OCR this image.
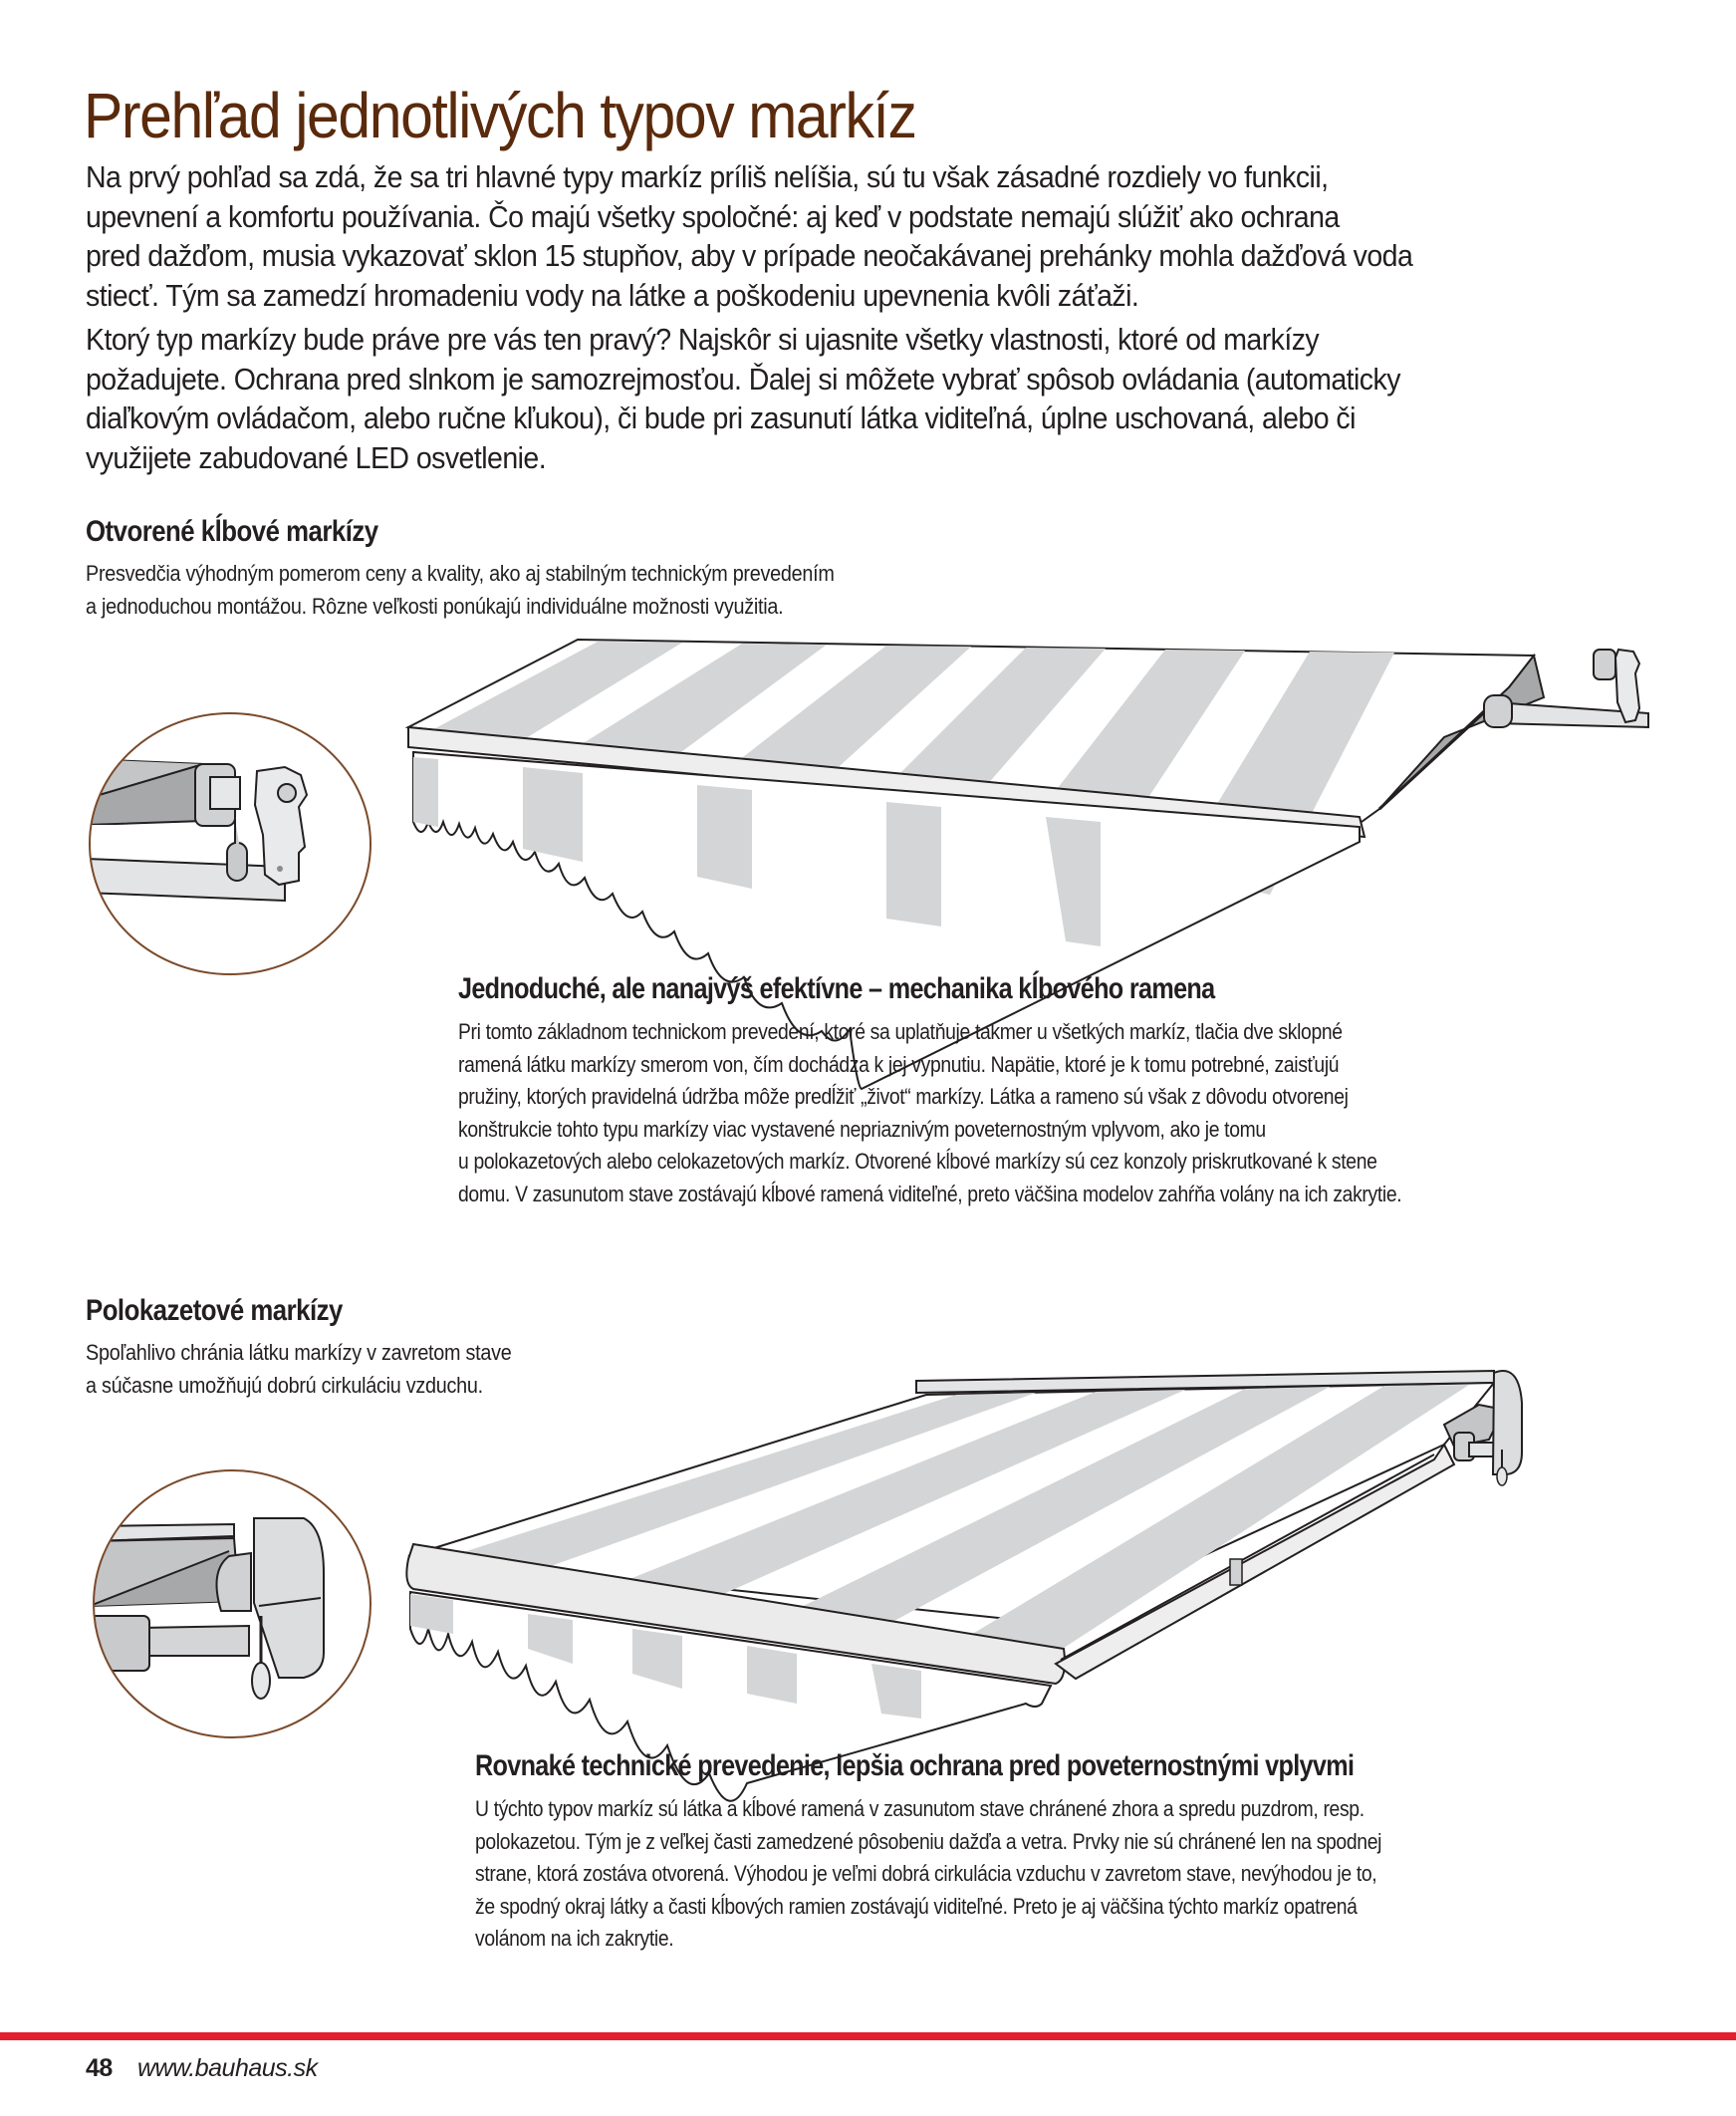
Prehľad jednotlivých typov markíz

Na prvý pohľad sa zdá, že sa tri hlavné typy markíz príliš nelíšia, sú tu však zásadné rozdiely vo funkcii,
upevnení a komfortu používania. Čo majú všetky spoločné: aj keď v podstate nemajú slúžiť ako ochrana
pred dažďom, musia vykazovať sklon 15 stupňov, aby v prípade neočakávanej prehánky mohla dažďová voda
stiecť. Tým sa zamedzí hromadeniu vody na látke a poškodeniu upevnenia kvôli záťaži.

Ktorý typ markízy bude práve pre vás ten pravý? Najskôr si ujasnite všetky vlastnosti, ktoré od markízy
požadujete. Ochrana pred slnkom je samozrejmosťou. Ďalej si môžete vybrať spôsob ovládania (automaticky
diaľkovým ovládačom, alebo ručne kľukou), či bude pri zasunutí látka viditeľná, úplne uschovaná, alebo či
využijete zabudované LED osvetlenie.

Otvorené kĺbové markízy
Presvedčia výhodným pomerom ceny a kvality, ako aj stabilným technickým prevedením
a jednoduchou montážou. Rôzne veľkosti ponúkajú individuálne možnosti využitia.
Jednoduché, ale nanajvýš efektívne – mechanika kĺbového ramena
Pri tomto základnom technickom prevedení, ktoré sa uplatňuje takmer u všetkých markíz, tlačia dve sklopné
ramená látku markízy smerom von, čím dochádza k jej vypnutiu. Napätie, ktoré je k tomu potrebné, zaisťujú
pružiny, ktorých pravidelná údržba môže predĺžiť „život“ markízy. Látka a rameno sú však z dôvodu otvorenej
konštrukcie tohto typu markízy viac vystavené nepriaznivým poveternostným vplyvom, ako je tomu
u polokazetových alebo celokazetových markíz. Otvorené kĺbové markízy sú cez konzoly priskrutkované k stene
domu. V zasunutom stave zostávajú kĺbové ramená viditeľné, preto väčšina modelov zahŕňa volány na ich zakrytie.
Polokazetové markízy
Spoľahlivo chránia látku markízy v zavretom stave
a súčasne umožňujú dobrú cirkuláciu vzduchu.
Rovnaké technické prevedenie, lepšia ochrana pred poveternostnými vplyvmi
U týchto typov markíz sú látka a kĺbové ramená v zasunutom stave chránené zhora a spredu puzdrom, resp.
polokazetou. Tým je z veľkej časti zamedzené pôsobeniu dažďa a vetra. Prvky nie sú chránené len na spodnej
strane, ktorá zostáva otvorená. Výhodou je veľmi dobrá cirkulácia vzduchu v zavretom stave, nevýhodou je to,
že spodný okraj látky a časti kĺbových ramien zostávajú viditeľné. Preto je aj väčšina týchto markíz opatrená
volánom na ich zakrytie.
48 www.bauhaus.sk
